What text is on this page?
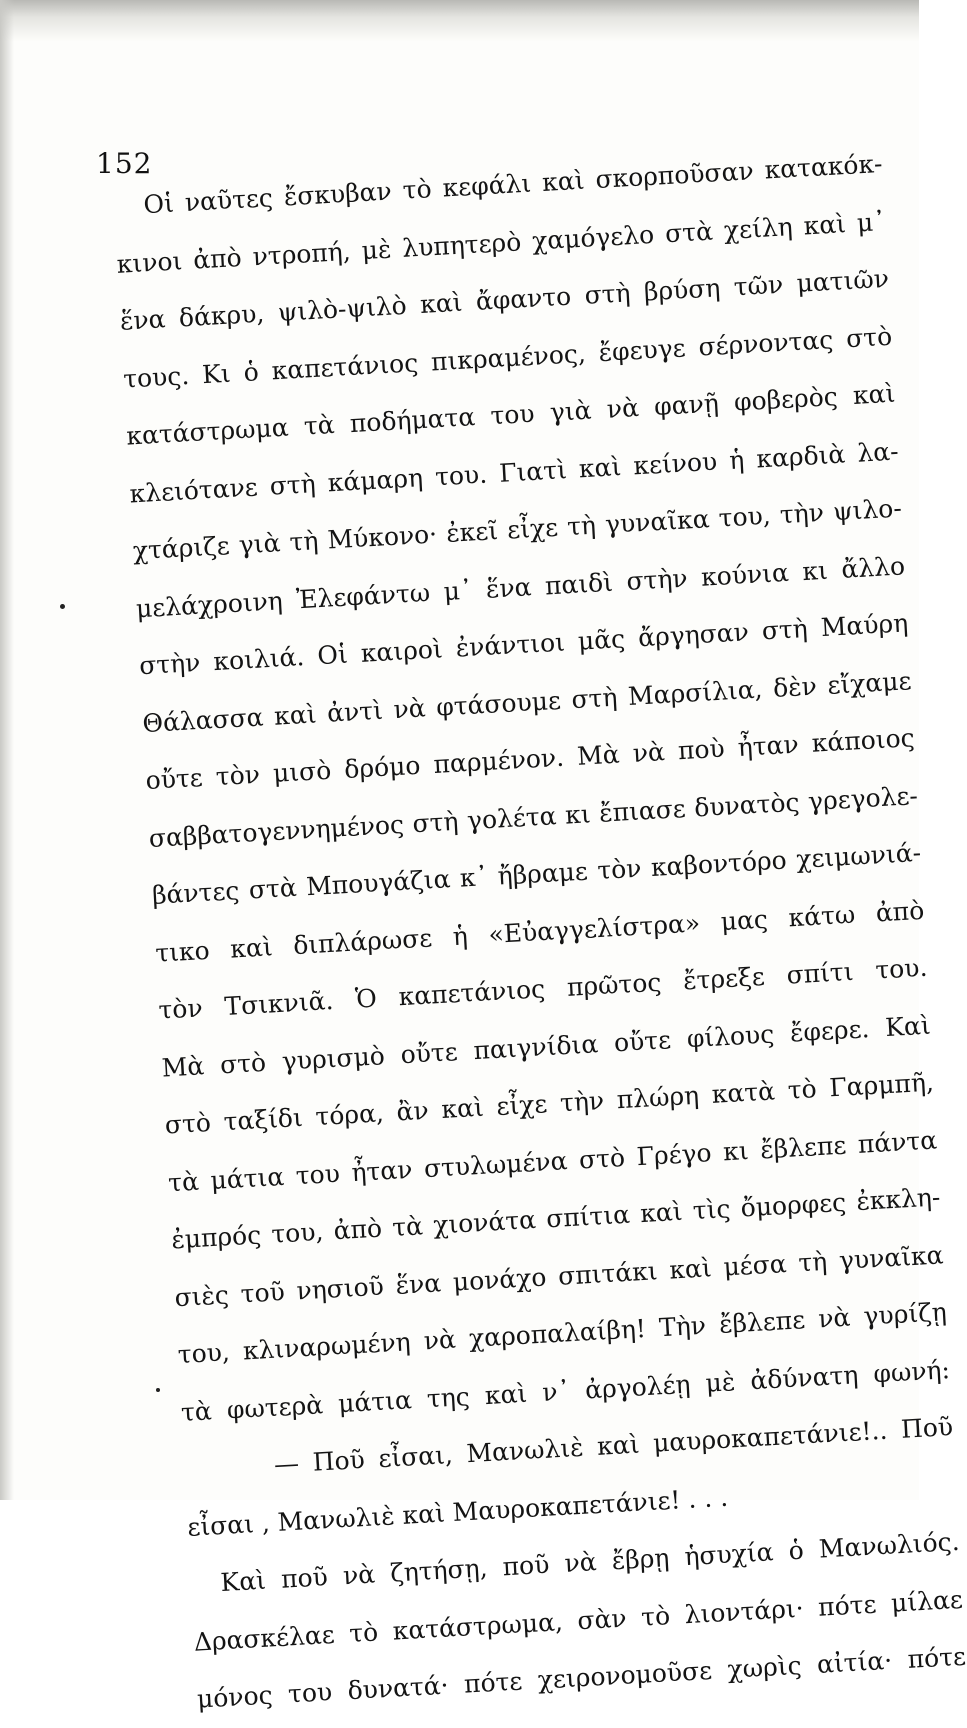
152
Οἱ ναῦτες ἔσκυβαν τὸ κεφάλι καὶ σκορποῦσαν κατακόκ-
κινοι ἀπὸ ντροπή, μὲ λυπητερὸ χαμόγελο στὰ χείλη καὶ μ᾿
ἕνα δάκρυ, ψιλὸ-ψιλὸ καὶ ἄφαντο στὴ βρύση τῶν ματιῶν
τους. Κι ὁ καπετάνιος πικραμένος, ἔφευγε σέρνοντας στὸ
κατάστρωμα τὰ ποδήματα του γιὰ νὰ φανῇ φοβερὸς καὶ
κλειότανε στὴ κάμαρη του. Γιατὶ καὶ κείνου ἡ καρδιὰ λα-
χτάριζε γιὰ τὴ Μύκονο· ἐκεῖ εἶχε τὴ γυναῖκα του, τὴν ψιλο-
μελάχροινη Ἐλεφάντω μ᾿ ἕνα παιδὶ στὴν κούνια κι ἄλλο
στὴν κοιλιά. Οἱ καιροὶ ἐνάντιοι μᾶς ἄργησαν στὴ Μαύρη
Θάλασσα καὶ ἀντὶ νὰ φτάσουμε στὴ Μαρσίλια, δὲν εἴχαμε
οὔτε τὸν μισὸ δρόμο παρμένον. Μὰ νὰ ποὺ ἦταν κάποιος
σαββατογεννημένος στὴ γολέτα κι ἔπιασε δυνατὸς γρεγολε-
βάντες στὰ Μπουγάζια κ᾿ ἤβραμε τὸν καβοντόρο χειμωνιά-
τικο καὶ διπλάρωσε ἡ «Εὐαγγελίστρα» μας κάτω ἀπὸ
τὸν Τσικνιᾶ. Ὁ καπετάνιος πρῶτος ἔτρεξε σπίτι του.
Μὰ στὸ γυρισμὸ οὔτε παιγνίδια οὔτε φίλους ἔφερε. Καὶ
στὸ ταξίδι τόρα, ἂν καὶ εἶχε τὴν πλώρη κατὰ τὸ Γαρμπῆ,
τὰ μάτια του ἦταν στυλωμένα στὸ Γρέγο κι ἔβλεπε πάντα
ἐμπρός του, ἀπὸ τὰ χιονάτα σπίτια καὶ τὶς ὄμορφες ἐκκλη-
σιὲς τοῦ νησιοῦ ἕνα μονάχο σπιτάκι καὶ μέσα τὴ γυναῖκα
του, κλιναρωμένη νὰ χαροπαλαίβη! Τὴν ἔβλεπε νὰ γυρίζῃ
τὰ φωτερὰ μάτια της καὶ ν᾿ ἀργολέῃ μὲ ἀδύνατη φωνή:
— Ποῦ εἶσαι, Μανωλιὲ καὶ μαυροκαπετάνιε!.. Ποῦ
εἶσαι , Μανωλιὲ καὶ Μαυροκαπετάνιε! . . .
Καὶ ποῦ νὰ ζητήσῃ, ποῦ νὰ ἔβρῃ ἡσυχία ὁ Μανωλιός.
Δρασκέλαε τὸ κατάστρωμα, σὰν τὸ λιοντάρι· πότε μίλαε
μόνος του δυνατά· πότε χειρονομοῦσε χωρὶς αἰτία· πότε
